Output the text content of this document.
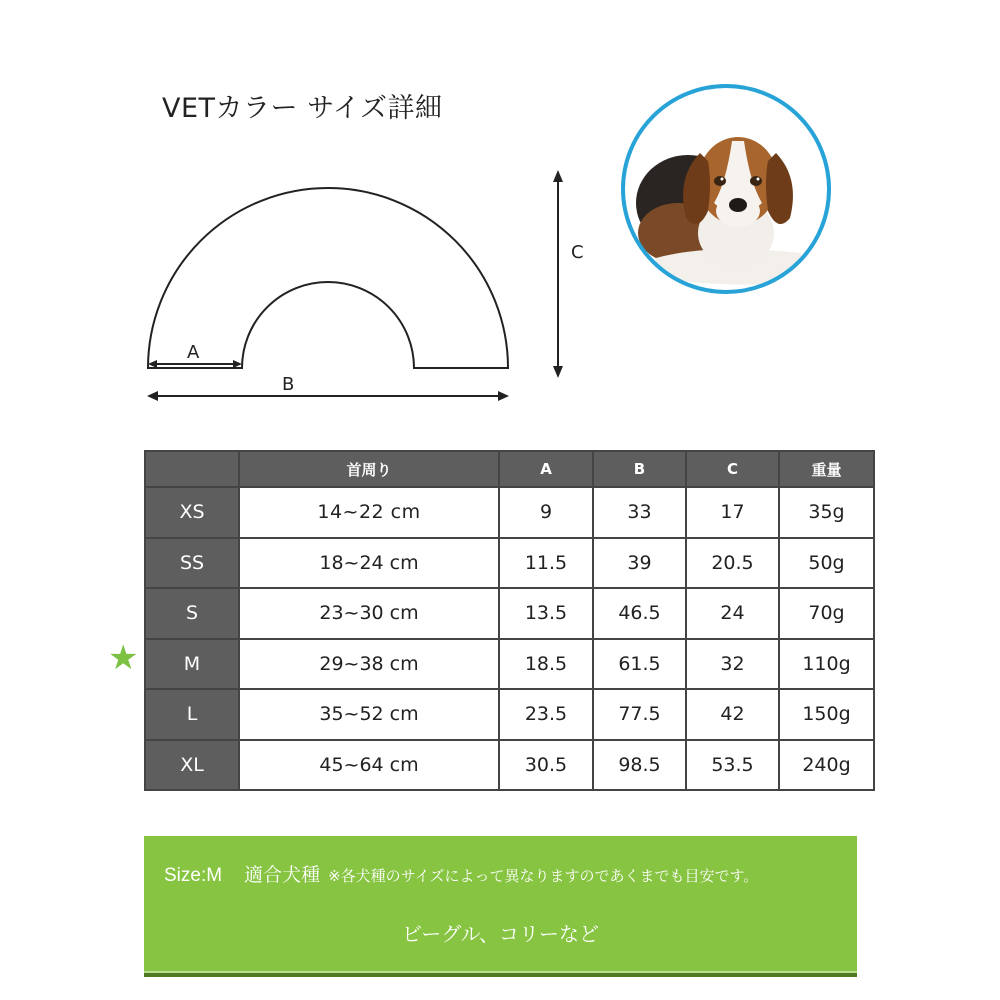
VETカラー サイズ詳細
A
B
C
	首周り	A	B	C	重量
XS	14~22 cm	9	33	17	35g
SS	18~24 cm	11.5	39	20.5	50g
S	23~30 cm	13.5	46.5	24	70g
M	29~38 cm	18.5	61.5	32	110g
L	35~52 cm	23.5	77.5	42	150g
XL	45~64 cm	30.5	98.5	53.5	240g
★
Size:M 適合犬種 ※各犬種のサイズによって異なりますのであくまでも目安です。
ビーグル、コリーなど
